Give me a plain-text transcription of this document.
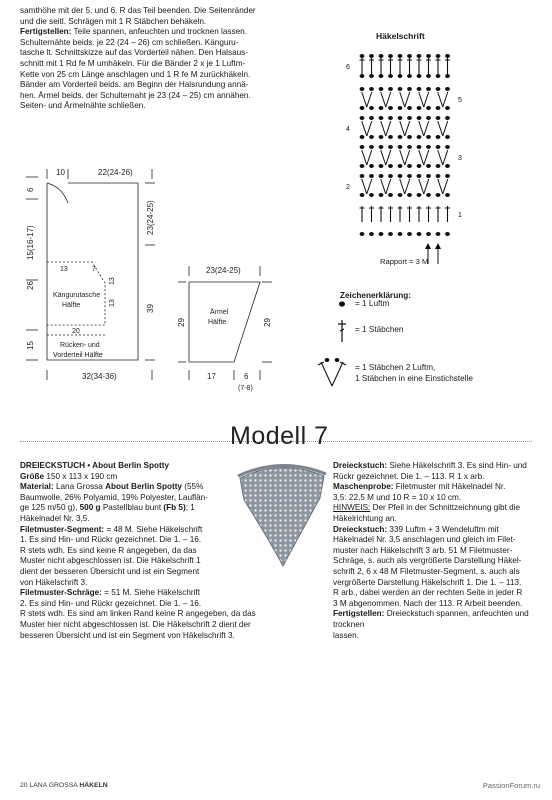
samthöhe mit der 5. und 6. R das Teil beenden. Die Seitenränder
und die seitl. Schrägen mit 1 R Stäbchen behäkeln.
Fertigstellen: Teile spannen, anfeuchten und trocknen lassen.
Schulternähte beids. je 22 (24 – 26) cm schließen. Känguru-
tasche lt. Schnittskizze auf das Vorderteil nähen. Den Halsaus-
schnitt mit 1 Rd fe M umhäkeln. Für die Bänder 2 x je 1 Luftm-
Kette von 25 cm Länge anschlagen und 1 R fe M zurückhäkeln.
Bänder am Vorderteil beids. am Beginn der Halsrundung annä-
hen. Ärmel beids. der Schulternaht je 23 (24 – 25) cm annähen.
Seiten- und Ärmelnähte schließen.
10	22(24-26)
6
15(16-17)
23(24-25)
13	7
13
26
Kängurutasche
Hälfte	13
39
20
15	Rücken- und
Vorderteil Hälfte
32(34-36)
23(24-25)
Ärmel
Hälfte
29	29
17	6
(7-8)
Häkelschrift
6
5
4
3
2
1
Rapport = 3 M
Zeichenerklärung:
= 1 Luftm
= 1 Stäbchen
= 1 Stäbchen 2 Luftm,
1 Stäbchen in eine Einstichstelle
Modell 7
DREIECKSTUCH • About Berlin Spotty
Größe 150 x 113 x 190 cm
Material: Lana Grossa About Berlin Spotty (55%
Baumwolle, 26% Polyamid, 19% Polyester, Lauflän-
ge 125 m/50 g), 500 g Pastellblau bunt (Fb 5); 1
Häkelnadel Nr. 3,5.
Filetmuster-Segment: = 48 M. Siehe Häkelschrift
1. Es sind Hin- und Rückr gezeichnet. Die 1. – 16.
R stets wdh. Es sind keine R angegeben, da das
Muster nicht abgeschlossen ist. Die Häkelschrift 1
dient der besseren Übersicht und ist ein Segment
von Häkelschrift 3.
Filetmuster-Schräge: = 51 M. Siehe Häkelschrift
2. Es sind Hin- und Rückr gezeichnet. Die 1. – 16.
R stets wdh. Es sind am linken Rand keine R angegeben, da das
Muster hier nicht abgeschlossen ist. Die Häkelschrift 2 dient der
besseren Übersicht und ist ein Segment von Häkelschrift 3.
Dreieckstuch: Siehe Häkelschrift 3. Es sind Hin- und
Rückr gezeichnet. Die 1. – 113. R 1 x arb.
Maschenprobe: Filetmuster mit Häkelnadel Nr.
3,5: 22,5 M und 10 R = 10 x 10 cm.
HINWEIS: Der Pfeil in der Schnittzeichnung gibt die
Häkelrichtung an.
Dreieckstuch: 339 Luftm + 3 Wendeluftm mit
Häkelnadel Nr. 3,5 anschlagen und gleich im Filet-
muster nach Häkelschrift 3 arb. 51 M Filetmuster-
Schräge, s. auch als vergrößerte Darstellung Häkel-
schrift 2, 6 x 48 M Filetmuster-Segment, s. auch als
vergrößerte Darstellung Häkelschrift 1. Die 1. – 113.
R arb., dabei werden an der rechten Seite in jeder R
3 M abgenommen. Nach der 113. R Arbeit beenden.
Fertigstellen: Dreieckstuch spannen, anfeuchten und trocknen
lassen.
20 LANA GROSSA HÄKELN	PassionForum.ru
